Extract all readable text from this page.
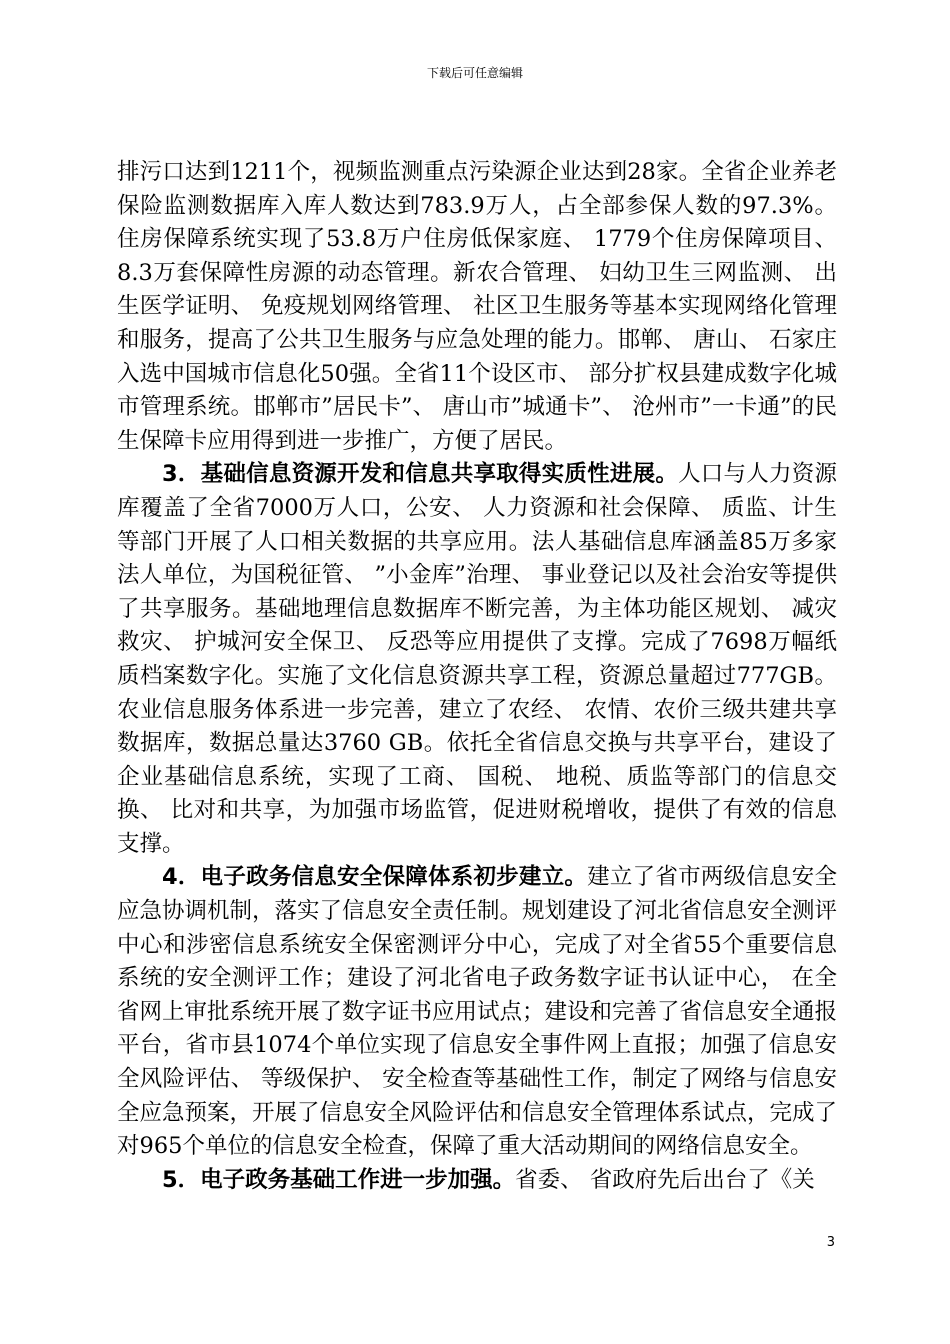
下载后可任意编辑

排污口达到1211个，视频监测重点污染源企业达到28家。全省企业养老保险监测数据库入库人数达到783.9万人，占全部参保人数的97.3%。住房保障系统实现了53.8万户住房低保家庭、 1779个住房保障项目、 8.3万套保障性房源的动态管理。新农合管理、 妇幼卫生三网监测、 出生医学证明、 免疫规划网络管理、 社区卫生服务等基本实现网络化管理和服务，提高了公共卫生服务与应急处理的能力。邯郸、 唐山、 石家庄入选中国城市信息化50强。全省11个设区市、 部分扩权县建成数字化城市管理系统。邯郸市”居民卡”、 唐山市”城通卡”、 沧州市”一卡通”的民生保障卡应用得到进一步推广，方便了居民。

3．基础信息资源开发和信息共享取得实质性进展。人口与人力资源库覆盖了全省7000万人口，公安、 人力资源和社会保障、 质监、计生等部门开展了人口相关数据的共享应用。法人基础信息库涵盖85万多家法人单位，为国税征管、 ”小金库”治理、 事业登记以及社会治安等提供了共享服务。基础地理信息数据库不断完善，为主体功能区规划、 减灾救灾、 护城河安全保卫、 反恐等应用提供了支撑。完成了7698万幅纸质档案数字化。实施了文化信息资源共享工程，资源总量超过777GB。农业信息服务体系进一步完善，建立了农经、 农情、农价三级共建共享数据库，数据总量达3760 GB。依托全省信息交换与共享平台，建设了企业基础信息系统，实现了工商、 国税、 地税、质监等部门的信息交换、 比对和共享，为加强市场监管，促进财税增收，提供了有效的信息支撑。

4．电子政务信息安全保障体系初步建立。建立了省市两级信息安全应急协调机制，落实了信息安全责任制。规划建设了河北省信息安全测评中心和涉密信息系统安全保密测评分中心，完成了对全省55个重要信息系统的安全测评工作；建设了河北省电子政务数字证书认证中心， 在全省网上审批系统开展了数字证书应用试点；建设和完善了省信息安全通报平台，省市县1074个单位实现了信息安全事件网上直报；加强了信息安全风险评估、 等级保护、 安全检查等基础性工作，制定了网络与信息安全应急预案，开展了信息安全风险评估和信息安全管理体系试点，完成了对965个单位的信息安全检查，保障了重大活动期间的网络信息安全。

5．电子政务基础工作进一步加强。省委、 省政府先后出台了《关

3
